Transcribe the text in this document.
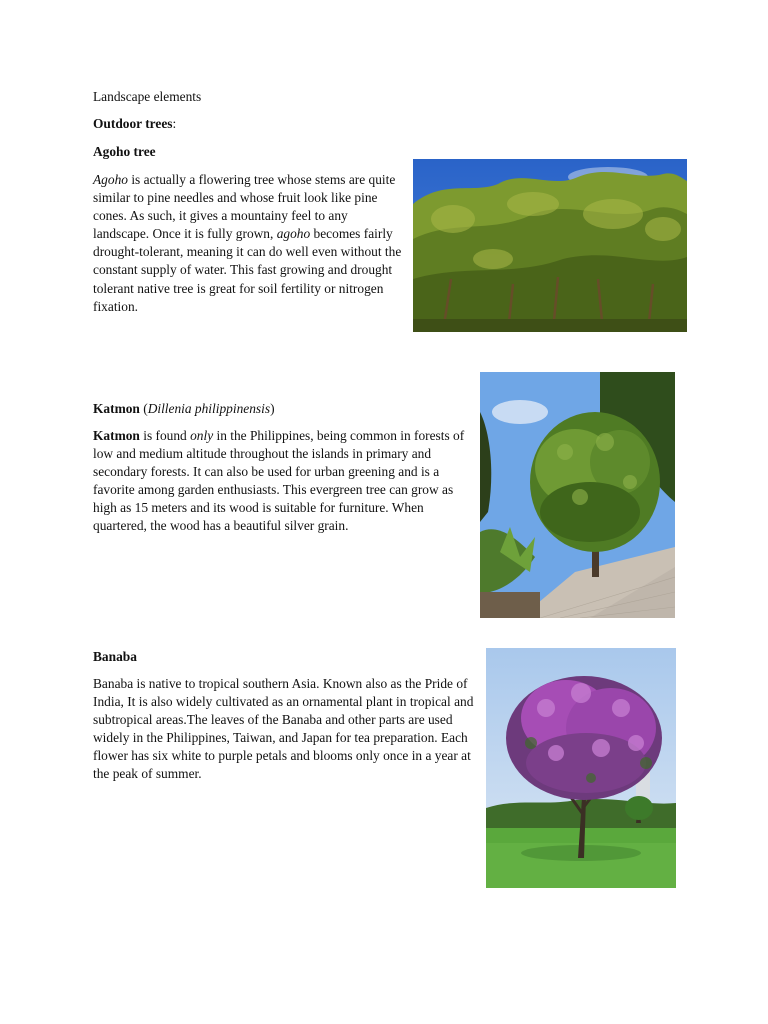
Landscape elements
Outdoor trees:
Agoho tree

Agoho is actually a flowering tree whose stems are quite similar to pine needles and whose fruit look like pine cones. As such, it gives a mountainy feel to any landscape. Once it is fully grown, agoho becomes fairly drought-tolerant, meaning it can do well even without the constant supply of water. This fast growing and drought tolerant native tree is great for soil fertility or nitrogen fixation.

Katmon (Dillenia philippinensis)

Katmon is found only in the Philippines, being common in forests of low and medium altitude throughout the islands in primary and secondary forests. It can also be used for urban greening and is a favorite among garden enthusiasts. This evergreen tree can grow as high as 15 meters and its wood is suitable for furniture. When quartered, the wood has a beautiful silver grain.

Banaba

Banaba is native to tropical southern Asia. Known also as the Pride of India, It is also widely cultivated as an ornamental plant in tropical and subtropical areas.The leaves of the Banaba and other parts are used widely in the Philippines, Taiwan, and Japan for tea preparation. Each flower has six white to purple petals and blooms only once in a year at the peak of summer.
